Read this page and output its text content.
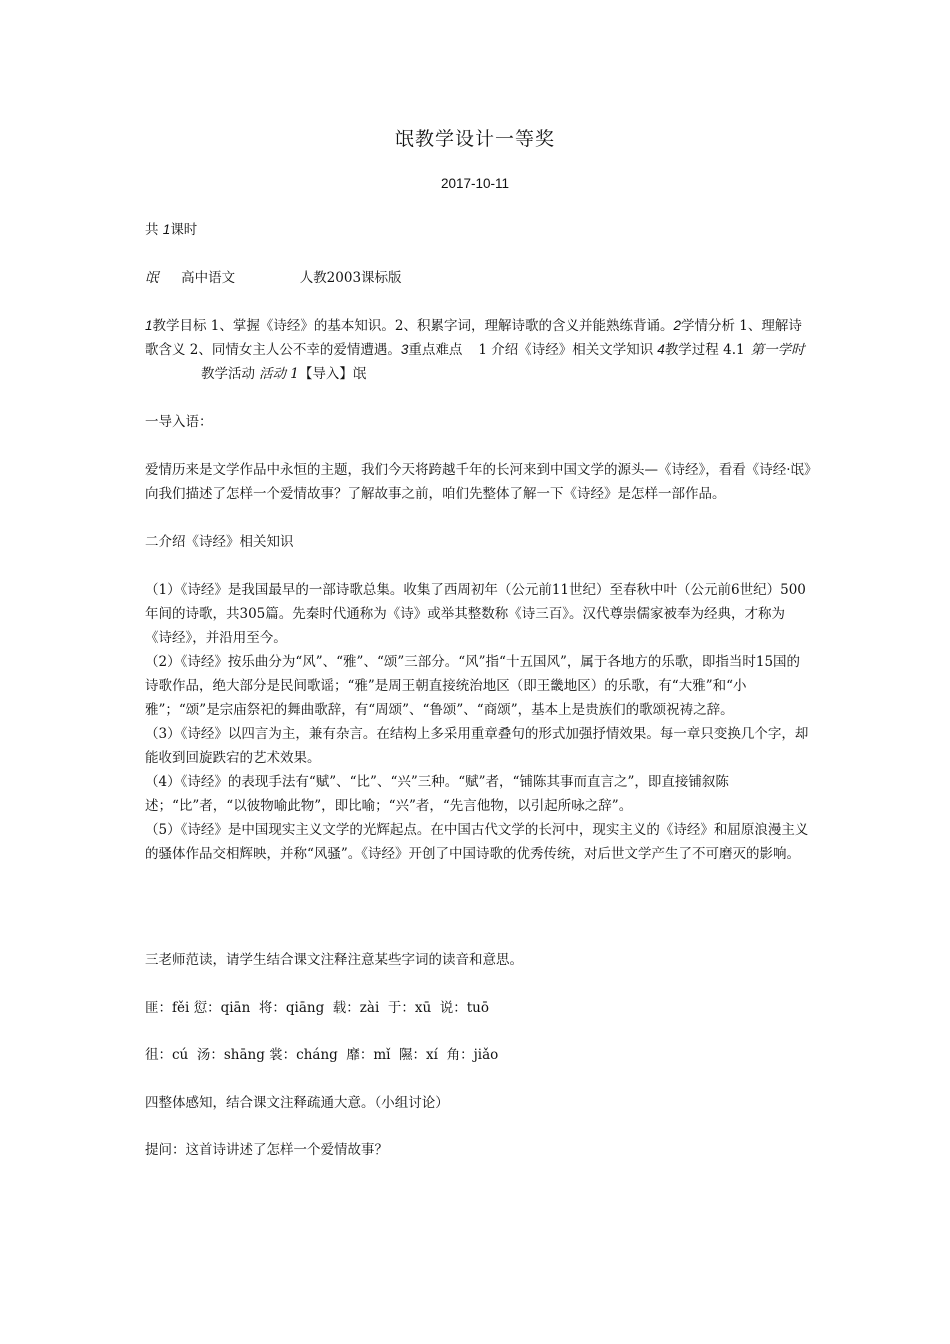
氓教学设计一等奖
2017-10-11
共 1课时
氓 高中语文	人教2003课标版
1教学目标 1、掌握《诗经》的基本知识。2、积累字词，理解诗歌的含义并能熟练背诵。2学情分析 1、理解诗歌含义 2、同情女主人公不幸的爱情遭遇。3重点难点 1 介绍《诗经》相关文学知识 4教学过程 4.1 第一学时教学活动 活动 1【导入】氓
一导入语：
爱情历来是文学作品中永恒的主题，我们今天将跨越千年的长河来到中国文学的源头—《诗经》，看看《诗经·氓》向我们描述了怎样一个爱情故事？了解故事之前，咱们先整体了解一下《诗经》是怎样一部作品。
二介绍《诗经》相关知识
（1）《诗经》是我国最早的一部诗歌总集。收集了西周初年（公元前11世纪）至春秋中叶（公元前6世纪）500年间的诗歌，共305篇。先秦时代通称为《诗》或举其整数称《诗三百》。汉代尊崇儒家被奉为经典，才称为《诗经》，并沿用至今。
（2）《诗经》按乐曲分为“风”、“雅”、“颂”三部分。“风”指“十五国风”，属于各地方的乐歌，即指当时15国的诗歌作品，绝大部分是民间歌谣；“雅”是周王朝直接统治地区（即王畿地区）的乐歌，有“大雅”和“小雅”；“颂”是宗庙祭祀的舞曲歌辞，有“周颂”、“鲁颂”、“商颂”，基本上是贵族们的歌颂祝祷之辞。
（3）《诗经》以四言为主，兼有杂言。在结构上多采用重章叠句的形式加强抒情效果。每一章只变换几个字，却能收到回旋跌宕的艺术效果。
（4）《诗经》的表现手法有“赋”、“比”、“兴”三种。“赋”者，“铺陈其事而直言之”，即直接铺叙陈述；“比”者，“以彼物喻此物”，即比喻；“兴”者，“先言他物，以引起所咏之辞”。
（5）《诗经》是中国现实主义文学的光辉起点。在中国古代文学的长河中，现实主义的《诗经》和屈原浪漫主义的骚体作品交相辉映，并称“风骚”。《诗经》开创了中国诗歌的优秀传统，对后世文学产生了不可磨灭的影响。
三老师范读，请学生结合课文注释注意某些字词的读音和意思。
匪：fěi 愆：qiān  将：qiāng  载：zài  于：xū  说：tuō
徂：cú  汤：shāng 裳：cháng  靡：mǐ  隰：xí  角：jiǎo
四整体感知，结合课文注释疏通大意。（小组讨论）
提问：这首诗讲述了怎样一个爱情故事？
